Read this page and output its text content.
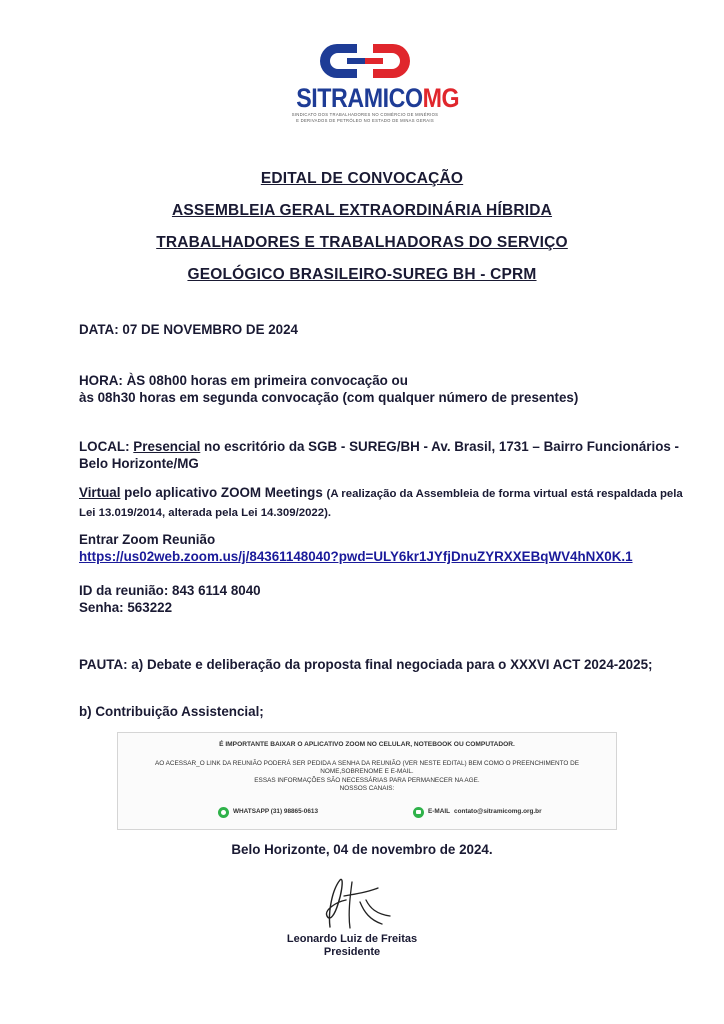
SITRAMICOMG
SINDICATO DOS TRABALHADORES NO COMÉRCIO DE MINÉRIOS
E DERIVADOS DE PETRÓLEO NO ESTADO DE MINAS GERAIS
EDITAL DE CONVOCAÇÃO
ASSEMBLEIA GERAL EXTRAORDINÁRIA HÍBRIDA
TRABALHADORES E TRABALHADORAS DO SERVIÇO
GEOLÓGICO BRASILEIRO-SUREG BH - CPRM
DATA: 07 DE NOVEMBRO DE 2024
HORA: ÀS 08h00 horas em primeira convocação ou
às 08h30 horas em segunda convocação (com qualquer número de presentes)
LOCAL: Presencial no escritório da SGB - SUREG/BH - Av. Brasil, 1731 – Bairro Funcionários - Belo Horizonte/MG
Virtual pelo aplicativo ZOOM Meetings (A realização da Assembleia de forma virtual está respaldada pela Lei 13.019/2014, alterada pela Lei 14.309/2022).
Entrar Zoom Reunião
https://us02web.zoom.us/j/84361148040?pwd=ULY6kr1JYfjDnuZYRXXEBqWV4hNX0K.1
ID da reunião: 843 6114 8040
Senha: 563222
PAUTA: a) Debate e deliberação da proposta final negociada para o XXXVI ACT 2024-2025;
b) Contribuição Assistencial;
É IMPORTANTE BAIXAR O APLICATIVO ZOOM NO CELULAR, NOTEBOOK OU COMPUTADOR.
AO ACESSAR_O LINK DA REUNIÃO PODERÁ SER PEDIDA A SENHA DA REUNIÃO (VER NESTE EDITAL) BEM COMO O PREENCHIMENTO DE NOME,SOBRENOME E E-MAIL.
ESSAS INFORMAÇÕES SÃO NECESSÁRIAS PARA PERMANECER NA AGE.
NOSSOS CANAIS:
WHATSAPP (31) 98865-0613	E-MAIL contato@sitramicomg.org.br
Belo Horizonte, 04 de novembro de 2024.
Leonardo Luiz de Freitas
Presidente
